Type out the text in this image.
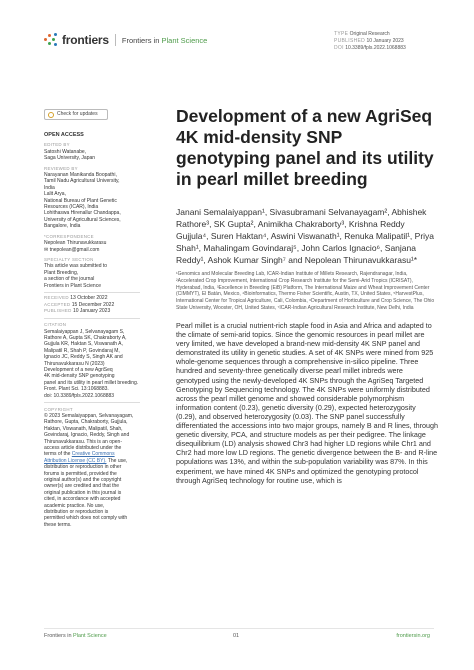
frontiers Frontiers in Plant Science
TYPE Original Research
PUBLISHED 10 January 2023
DOI 10.3389/fpls.2022.1068883
Check for updates
OPEN ACCESS
EDITED BY
Satoshi Watanabe,
Saga University, Japan
REVIEWED BY
Narayanan Manikanda Boopathi,
Tamil Nadu Agricultural University,
India
Lalit Arya,
National Bureau of Plant Genetic
Resources (ICAR), India
Lohithaswa Hirenallur Chandappa,
University of Agricultural Sciences,
Bangalore, India
*CORRESPONDENCE
Nepolean Thirunavukkarasu
✉ tnepolean@gmail.com
SPECIALTY SECTION
This article was submitted to
Plant Breeding,
a section of the journal
Frontiers in Plant Science
RECEIVED 13 October 2022
ACCEPTED 15 December 2022
PUBLISHED 10 January 2023
CITATION
Semalaiyappan J, Selvanayagam S,
Rathore A, Gupta SK, Chakraborty A,
Gujjula KR, Haktan S, Viswanath A,
Malipatil R, Shah P, Govindaraj M,
Ignacio JC, Reddy S, Singh AK and
Thirunavukkarasu N (2023)
Development of a new AgriSeq
4K mid-density SNP genotyping
panel and its utility in pearl millet breeding.
Front. Plant Sci. 13:1068883.
doi: 10.3389/fpls.2022.1068883
COPYRIGHT
© 2023 Semalaiyappan, Selvanayagam,
Rathore, Gupta, Chakraborty, Gujjula,
Haktan, Viswanath, Malipatil, Shah,
Govindaraj, Ignacio, Reddy, Singh and
Thirunavukkarasu. This is an open-
access article distributed under the
terms of the Creative Commons
Attribution License (CC BY). The use,
distribution or reproduction in other
forums is permitted, provided the
original author(s) and the copyright
owner(s) are credited and that the
original publication in this journal is
cited, in accordance with accepted
academic practice. No use,
distribution or reproduction is
permitted which does not comply with
these terms.
Development of a new AgriSeq 4K mid-density SNP genotyping panel and its utility in pearl millet breeding
Janani Semalaiyappan¹, Sivasubramani Selvanayagam², Abhishek Rathore³, SK Gupta², Animikha Chakraborty³, Krishna Reddy Gujjula⁴, Suren Haktan⁴, Aswini Viswanath¹, Renuka Malipatil¹, Priya Shah¹, Mahalingam Govindaraj⁵, John Carlos Ignacio⁶, Sanjana Reddy¹, Ashok Kumar Singh⁷ and Nepolean Thirunavukkarasu¹*
¹Genomics and Molecular Breeding Lab, ICAR-Indian Institute of Millets Research, Rajendranagar, India, ²Accelerated Crop Improvement, International Crop Research Institute for the Semi-Arid Tropics (ICRISAT), Hyderabad, India, ³Excellence in Breeding (EiB) Platform, The International Maize and Wheat Improvement Center (CIMMYT), El Batán, Mexico, ⁴Bioinformatics, Thermo Fisher Scientific, Austin, TX, United States, ⁵HarvestPlus, International Center for Tropical Agriculture, Cali, Colombia, ⁶Department of Horticulture and Crop Science, The Ohio State University, Wooster, OH, United States, ⁷ICAR-Indian Agricultural Research Institute, New Delhi, India
Pearl millet is a crucial nutrient-rich staple food in Asia and Africa and adapted to the climate of semi-arid topics. Since the genomic resources in pearl millet are very limited, we have developed a brand-new mid-density 4K SNP panel and demonstrated its utility in genetic studies. A set of 4K SNPs were mined from 925 whole-genome sequences through a comprehensive in-silico pipeline. Three hundred and seventy-three genetically diverse pearl millet inbreds were genotyped using the newly-developed 4K SNPs through the AgriSeq Targeted Genotyping by Sequencing technology. The 4K SNPs were uniformly distributed across the pearl millet genome and showed considerable polymorphism information content (0.23), genetic diversity (0.29), expected heterozygosity (0.29), and observed heterozygosity (0.03). The SNP panel successfully differentiated the accessions into two major groups, namely B and R lines, through genetic diversity, PCA, and structure models as per their pedigree. The linkage disequilibrium (LD) analysis showed Chr3 had higher LD regions while Chr1 and Chr2 had more low LD regions. The genetic divergence between the B- and R-line populations was 13%, and within the sub-population variability was 87%. In this experiment, we have mined 4K SNPs and optimized the genotyping protocol through AgriSeq technology for routine use, which is
Frontiers in Plant Science	01	frontiersin.org
